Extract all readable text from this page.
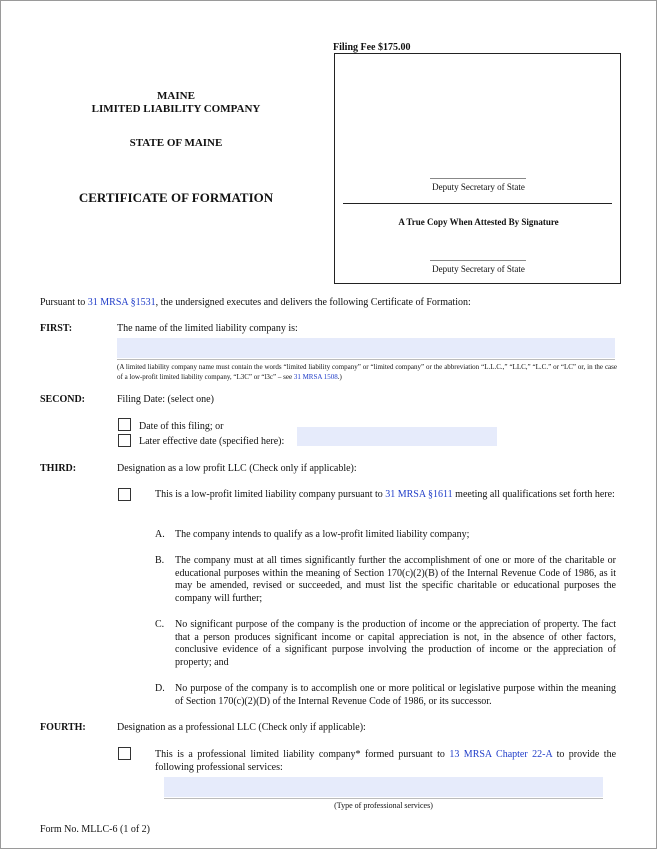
Filing Fee $175.00
Deputy Secretary of State
A True Copy When Attested By Signature
Deputy Secretary of State
MAINE
LIMITED LIABILITY COMPANY
STATE OF MAINE
CERTIFICATE OF FORMATION
Pursuant to 31 MRSA §1531, the undersigned executes and delivers the following Certificate of Formation:
FIRST:	The name of the limited liability company is:
(A limited liability company name must contain the words “limited liability company” or “limited company” or the abbreviation “L.L.C.,” “LLC,” “L.C.” or “LC” or, in the case of a low-profit limited liability company, “L3C” or “l3c” – see 31 MRSA 1508.)
SECOND:	Filing Date: (select one)
Date of this filing; or
Later effective date (specified here):
THIRD:	Designation as a low profit LLC (Check only if applicable):
This is a low-profit limited liability company pursuant to 31 MRSA §1611 meeting all qualifications set forth here:
A. The company intends to qualify as a low-profit limited liability company;
B. The company must at all times significantly further the accomplishment of one or more of the charitable or educational purposes within the meaning of Section 170(c)(2)(B) of the Internal Revenue Code of 1986, as it may be amended, revised or succeeded, and must list the specific charitable or educational purposes the company will further;
C. No significant purpose of the company is the production of income or the appreciation of property. The fact that a person produces significant income or capital appreciation is not, in the absence of other factors, conclusive evidence of a significant purpose involving the production of income or the appreciation of property; and
D. No purpose of the company is to accomplish one or more political or legislative purpose within the meaning of Section 170(c)(2)(D) of the Internal Revenue Code of 1986, or its successor.
FOURTH:	Designation as a professional LLC (Check only if applicable):
This is a professional limited liability company* formed pursuant to 13 MRSA Chapter 22-A to provide the following professional services:
(Type of professional services)
Form No. MLLC-6 (1 of 2)
